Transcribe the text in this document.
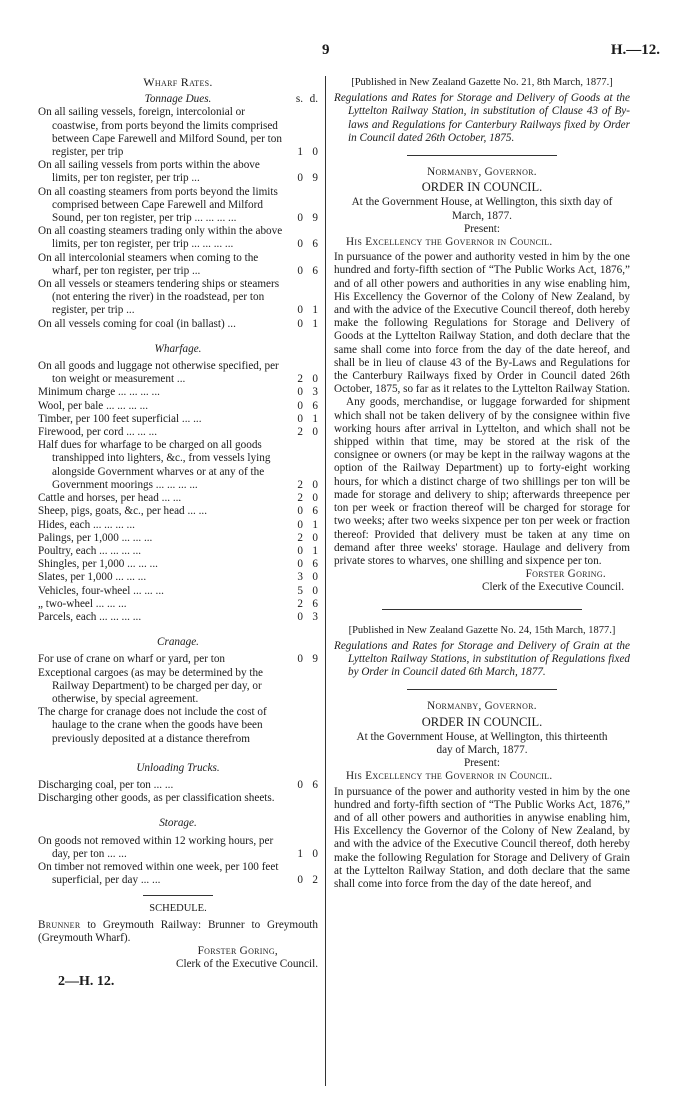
9	H.—12.
Wharf Rates.
Tonnage Dues.	s. d.
On all sailing vessels, foreign, intercolonial or coastwise, from ports beyond the limits comprised between Cape Farewell and Milford Sound, per ton register, per trip	1 0
On all sailing vessels from ports within the above limits, per ton register, per trip ...	0 9
On all coasting steamers from ports beyond the limits comprised between Cape Farewell and Milford Sound, per ton register, per trip ... ... ... ...	0 9
On all coasting steamers trading only within the above limits, per ton register, per trip ... ... ... ...	0 6
On all intercolonial steamers when coming to the wharf, per ton register, per trip ...	0 6
On all vessels or steamers tendering ships or steamers (not entering the river) in the roadstead, per ton register, per trip ...	0 1
On all vessels coming for coal (in ballast) ...	0 1
Wharfage.
On all goods and luggage not otherwise specified, per ton weight or measurement ...	2 0
Minimum charge ... ... ... ...	0 3
Wool, per bale ... ... ... ...	0 6
Timber, per 100 feet superficial ... ...	0 1
Firewood, per cord ... ... ...	2 0
Half dues for wharfage to be charged on all goods transhipped into lighters, &c., from vessels lying alongside Government wharves or at any of the Government moorings ... ... ... ...	2 0
Cattle and horses, per head ... ...	2 0
Sheep, pigs, goats, &c., per head ... ...	0 6
Hides, each ... ... ... ...	0 1
Palings, per 1,000 ... ... ...	2 0
Poultry, each ... ... ... ...	0 1
Shingles, per 1,000 ... ... ...	0 6
Slates, per 1,000 ... ... ...	3 0
Vehicles, four-wheel ... ... ...	5 0
„ two-wheel ... ... ...	2 6
Parcels, each ... ... ... ...	0 3
Cranage.
For use of crane on wharf or yard, per ton	0 9
Exceptional cargoes (as may be determined by the Railway Department) to be charged per day, or otherwise, by special agreement.
The charge for cranage does not include the cost of haulage to the crane when the goods have been previously deposited at a distance therefrom
Unloading Trucks.
Discharging coal, per ton ... ...	0 6
Discharging other goods, as per classification sheets.
Storage.
On goods not removed within 12 working hours, per day, per ton ... ...	1 0
On timber not removed within one week, per 100 feet superficial, per day ... ...	0 2
SCHEDULE.
Brunner to Greymouth Railway: Brunner to Greymouth (Greymouth Wharf).
Forster Goring,
Clerk of the Executive Council.
2—H. 12.
[Published in New Zealand Gazette No. 21, 8th March, 1877.]
Regulations and Rates for Storage and Delivery of Goods at the Lyttelton Railway Station, in substitution of Clause 43 of By-laws and Regulations for Canterbury Railways fixed by Order in Council dated 26th October, 1875.
Normanby, Governor.
ORDER IN COUNCIL.
At the Government House, at Wellington, this sixth day of March, 1877.
Present:
His Excellency the Governor in Council.
In pursuance of the power and authority vested in him by the one hundred and forty-fifth section of “The Public Works Act, 1876,” and of all other powers and authorities in any wise enabling him, His Excellency the Governor of the Colony of New Zealand, by and with the advice of the Executive Council thereof, doth hereby make the following Regulations for Storage and Delivery of Goods at the Lyttelton Railway Station, and doth declare that the same shall come into force from the day of the date hereof, and shall be in lieu of clause 43 of the By-Laws and Regulations for the Canterbury Railways fixed by Order in Council dated 26th October, 1875, so far as it relates to the Lyttelton Railway Station.
Any goods, merchandise, or luggage forwarded for shipment which shall not be taken delivery of by the consignee within five working hours after arrival in Lyttelton, and which shall not be shipped within that time, may be stored at the risk of the consignee or owners (or may be kept in the railway wagons at the option of the Railway Department) up to forty-eight working hours, for which a distinct charge of two shillings per ton will be made for storage and delivery to ship; afterwards threepence per ton per week or fraction thereof will be charged for storage for two weeks; after two weeks sixpence per ton per week or fraction thereof: Provided that delivery must be taken at any time on demand after three weeks' storage. Haulage and delivery from private stores to wharves, one shilling and sixpence per ton.
Forster Goring.
Clerk of the Executive Council.
[Published in New Zealand Gazette No. 24, 15th March, 1877.]
Regulations and Rates for Storage and Delivery of Grain at the Lyttelton Railway Stations, in substitution of Regulations fixed by Order in Council dated 6th March, 1877.
Normanby, Governor.
ORDER IN COUNCIL.
At the Government House, at Wellington, this thirteenth day of March, 1877.
Present:
His Excellency the Governor in Council.
In pursuance of the power and authority vested in him by the one hundred and forty-fifth section of “The Public Works Act, 1876,” and of all other powers and authorities in anywise enabling him, His Excellency the Governor of the Colony of New Zealand, by and with the advice of the Executive Council thereof, doth hereby make the following Regulation for Storage and Delivery of Grain at the Lyttelton Railway Station, and doth declare that the same shall come into force from the day of the date hereof, and
